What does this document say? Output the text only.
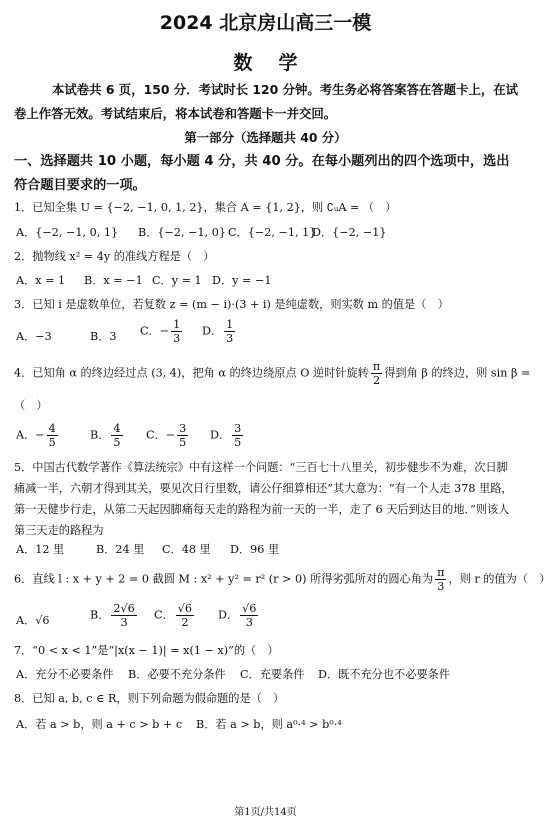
2024 北京房山高三一模
数学
本试卷共 6 页，150 分．考试时长 120 分钟。考生务必将答案答在答题卡上，在试卷上作答无效。考试结束后，将本试卷和答题卡一并交回。
第一部分（选择题共 40 分）
一、选择题共 10 小题，每小题 4 分，共 40 分。在每小题列出的四个选项中，选出符合题目要求的一项。
1．已知全集 U = {−2, −1, 0, 1, 2}，集合 A = {1, 2}，则 ∁ᵤA = （　）
A．{−2, −1, 0, 1} B．{−2, −1, 0} C．{−2, −1, 1}
D．{−2, −1}
2．抛物线 x² = 4y 的准线方程是（　）
A．x = 1 B．x = −1 C．y = 1 D．y = −1
3．已知 i 是虚数单位，若复数 z = (m − i)·(3 + i) 是纯虚数，则实数 m 的值是（　）
A．−3	B．3 C．− $\frac{1}{3}$ D． $\frac{1}{3}$
4．已知角 α 的终边经过点 (3, 4)，把角 α 的终边绕原点 O 逆时针旋转 $\frac{\pi}{2}$ 得到角 β 的终边，则 sin β =
（　）
A．− $\frac{4}{5}$	B． $\frac{4}{5}$ C．− $\frac{3}{5}$ D． $\frac{3}{5}$
5．中国古代数学著作《算法统宗》中有这样一个问题：“三百七十八里关，初步健步不为难，次日脚痛减一半，六朝才得到其关，要见次日行里数，请公仔细算相还”其大意为：“有一个人走 378 里路，第一天健步行走，从第二天起因脚痛每天走的路程为前一天的一半，走了 6 天后到达目的地．”则该人第三天走的路程为
A．12 里	B．24 里 C．48 里 D．96 里
6．直线 l : x + y + 2 = 0 截圆 M : x² + y² = r² (r > 0) 所得劣弧所对的圆心角为 $\frac{\pi}{3}$ ，则 r 的值为（　）
A．√6	B． $\frac{2√6}{3}$ C． $\frac{√6}{2}$ D． $\frac{√6}{3}$
7．“0 < x < 1”是“|x(x − 1)| = x(1 − x)”的（　）
A．充分不必要条件 B．必要不充分条件 C．充要条件 D．既不充分也不必要条件
8．已知 a, b, c ∈ R，则下列命题为假命题的是（　）
A．若 a > b，则 a + c > b + c B．若 a > b，则 a⁰·⁴ > b⁰·⁴
第1页/共14页
